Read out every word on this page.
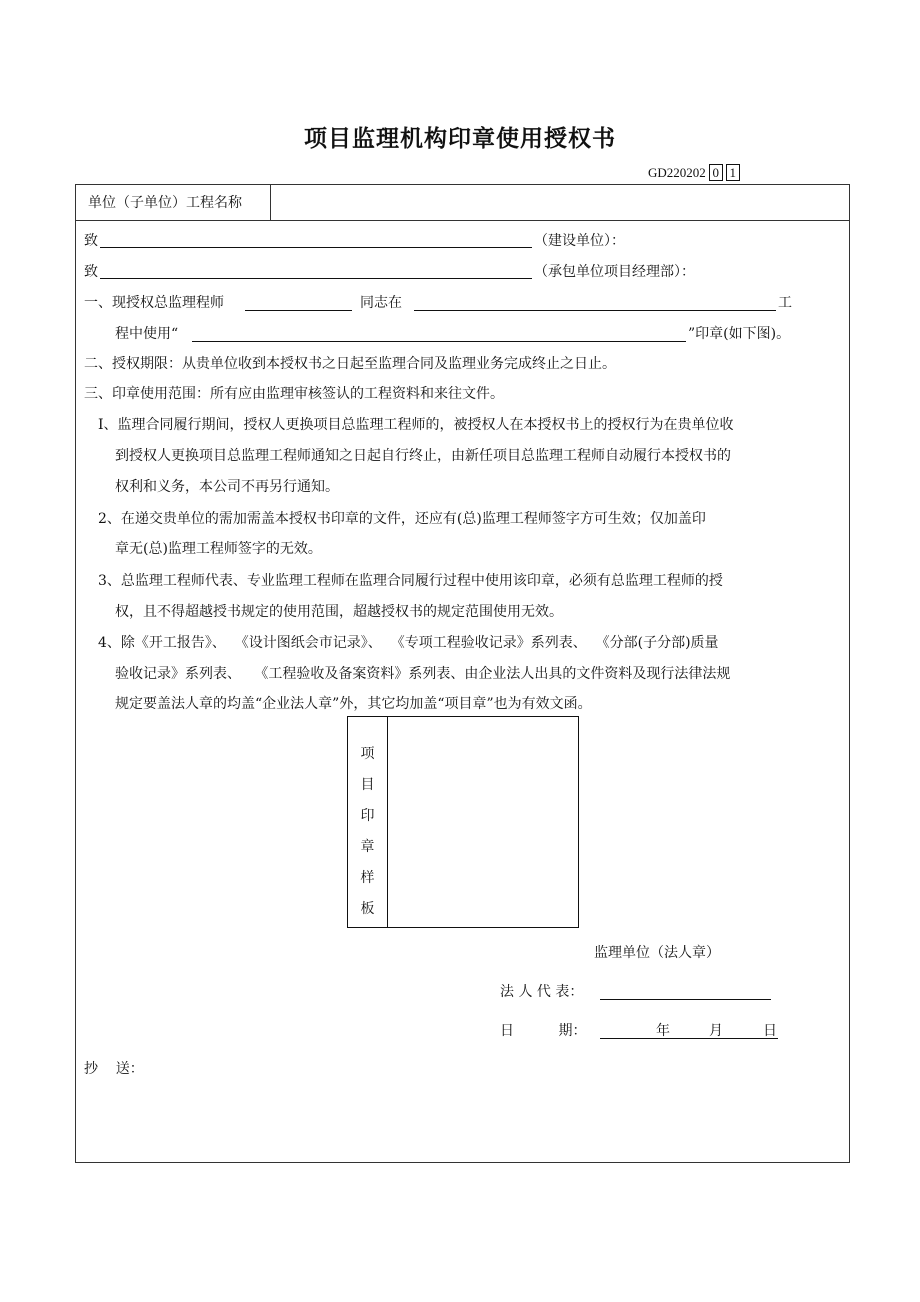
项目监理机构印章使用授权书
GD220202 0 1
单位（子单位）工程名称
致	（建设单位）：
致	（承包单位项目经理部）：
一、现授权总监理程师	同志在	工
程中使用“	”印章(如下图)。
二、授权期限：从贵单位收到本授权书之日起至监理合同及监理业务完成终止之日止。
三、印章使用范围：所有应由监理审核签认的工程资料和来往文件。
Ⅰ、监理合同履行期间，授权人更换项目总监理工程师的，被授权人在本授权书上的授权行为在贵单位收
到授权人更换项目总监理工程师通知之日起自行终止，由新任项目总监理工程师自动履行本授权书的
权利和义务，本公司不再另行通知。
2、在递交贵单位的需加需盖本授权书印章的文件，还应有(总)监理工程师签字方可生效；仅加盖印
章无(总)监理工程师签字的无效。
3、总监理工程师代表、专业监理工程师在监理合同履行过程中使用该印章，必须有总监理工程师的授
权，且不得超越授书规定的使用范围，超越授权书的规定范围使用无效。
4、除《开工报告》、  《设计图纸会市记录》、  《专项工程验收记录》系列表、  《分部(子分部)质量
验收记录》系列表、   《工程验收及备案资料》系列表、由企业法人出具的文件资料及现行法律法规
规定要盖法人章的均盖“企业法人章”外，其它均加盖“项目章”也为有效文函。
项
目
印
章
样
板
监理单位（法人章）
法 人 代 表：
日          期：	年	月	日
抄    送：
